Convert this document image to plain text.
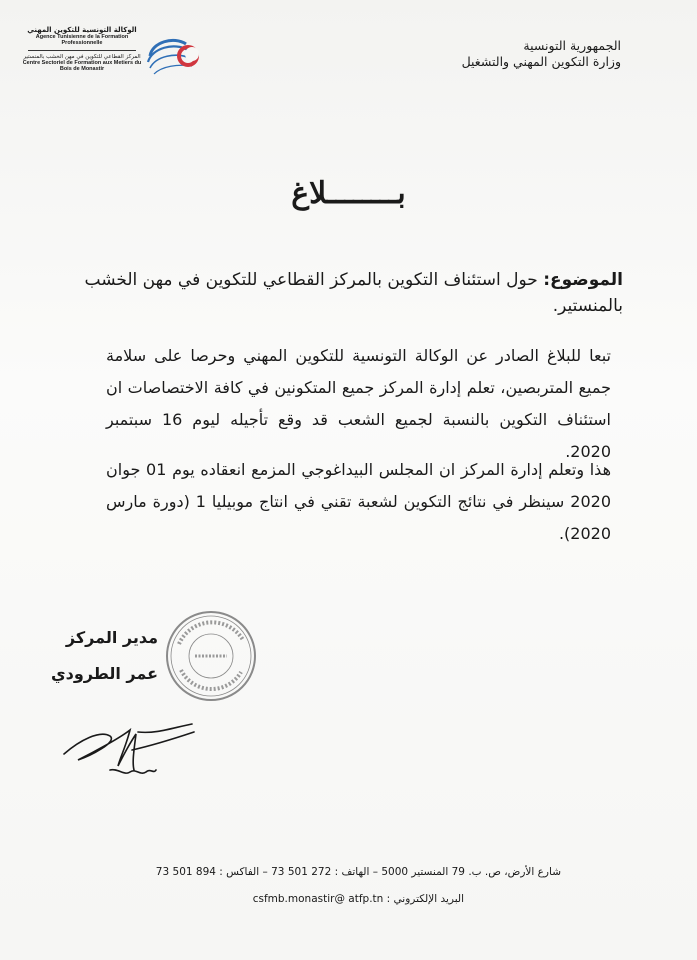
الوكالة التونسية للتكوين المهني
Agence Tunisienne de la Formation
Professionnelle
المركز القطاعي للتكوين في مهن الخشب بالمنستير
Centre Sectoriel de Formation aux Metiers du
Bois de Monastir
الجمهورية التونسية
وزارة التكوين المهني والتشغيل
بــــــــلاغ
الموضوع: حول استئناف التكوين بالمركز القطاعي للتكوين في مهن الخشب بالمنستير.
تبعا للبلاغ الصادر عن الوكالة التونسية للتكوين المهني وحرصا على سلامة جميع المتربصين، تعلم إدارة المركز جميع المتكونين في كافة الاختصاصات ان استئناف التكوين بالنسبة لجميع الشعب قد وقع تأجيله ليوم 16 سبتمبر 2020.
هذا وتعلم إدارة المركز ان المجلس البيداغوجي المزمع انعقاده يوم 01 جوان 2020 سينظر في نتائج التكوين لشعبة تقني في انتاج موبيليا 1 (دورة مارس 2020).
مدير المركز
عمر الطرودي
شارع الأرض، ص. ب. 79 المنستير 5000 – الهاتف : 272 501 73 – الفاكس : 894 501 73
البريد الإلكتروني : csfmb.monastir@ atfp.tn
